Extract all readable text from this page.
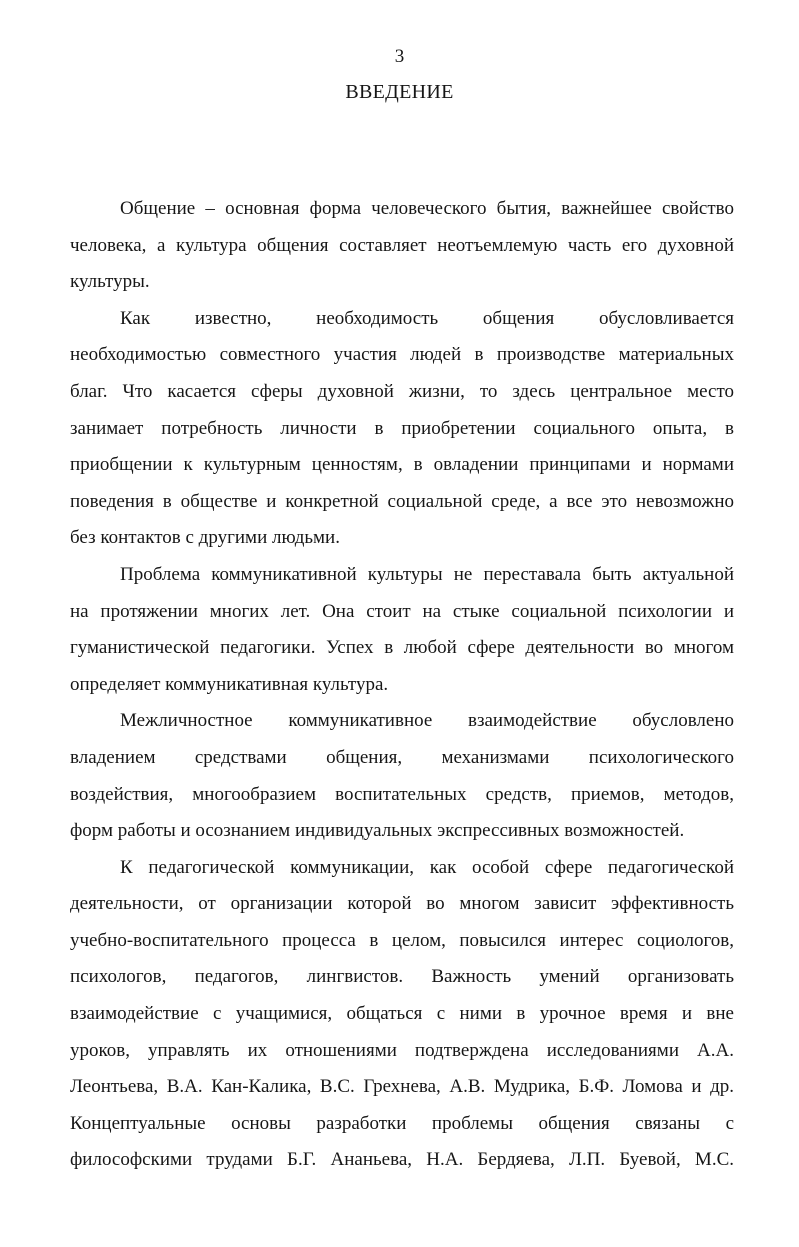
3
ВВЕДЕНИЕ

Общение – основная форма человеческого бытия, важнейшее свойство
человека, а культура общения составляет неотъемлемую часть его духовной
культуры.

Как известно, необходимость общения обусловливается
необходимостью совместного участия людей в производстве материальных
благ. Что касается сферы духовной жизни, то здесь центральное место
занимает потребность личности в приобретении социального опыта, в
приобщении к культурным ценностям, в овладении принципами и нормами
поведения в обществе и конкретной социальной среде, а все это невозможно
без контактов с другими людьми.

Проблема коммуникативной культуры не переставала быть актуальной
на протяжении многих лет. Она стоит на стыке социальной психологии и
гуманистической педагогики. Успех в любой сфере деятельности во многом
определяет коммуникативная культура.

Межличностное коммуникативное взаимодействие обусловлено
владением средствами общения, механизмами психологического
воздействия, многообразием воспитательных средств, приемов, методов,
форм работы и осознанием индивидуальных экспрессивных возможностей.

К педагогической коммуникации, как особой сфере педагогической
деятельности, от организации которой во многом зависит эффективность
учебно-воспитательного процесса в целом, повысился интерес социологов,
психологов, педагогов, лингвистов. Важность умений организовать
взаимодействие с учащимися, общаться с ними в урочное время и вне
уроков, управлять их отношениями подтверждена исследованиями А.А.
Леонтьева, В.А. Кан-Калика, В.С. Грехнева, А.В. Мудрика, Б.Ф. Ломова и др.
Концептуальные основы разработки проблемы общения связаны с
философскими трудами Б.Г. Ананьева, Н.А. Бердяева, Л.П. Буевой, М.С.
